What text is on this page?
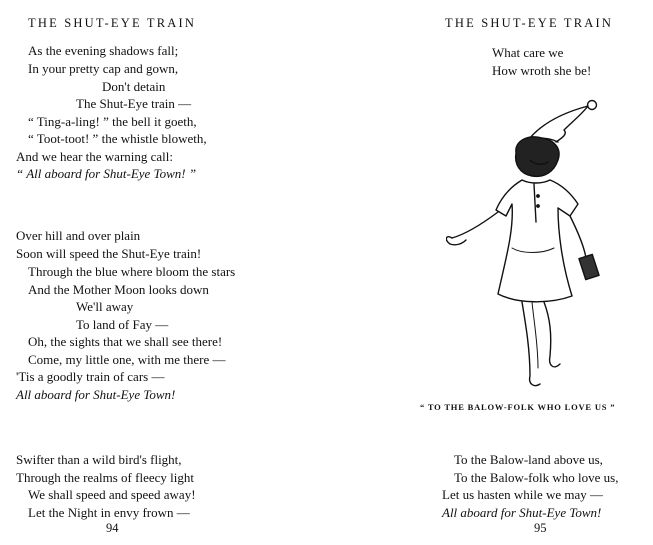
THE SHUT-EYE TRAIN
As the evening shadows fall;
In your pretty cap and gown,
Don't detain
The Shut-Eye train —
“ Ting-a-ling! ” the bell it goeth,
“ Toot-toot! ” the whistle bloweth,
And we hear the warning call:
“ All aboard for Shut-Eye Town! ”
Over hill and over plain
Soon will speed the Shut-Eye train!
Through the blue where bloom the stars
And the Mother Moon looks down
We'll away
To land of Fay —
Oh, the sights that we shall see there!
Come, my little one, with me there —
'Tis a goodly train of cars —
All aboard for Shut-Eye Town!
Swifter than a wild bird's flight,
Through the realms of fleecy light
We shall speed and speed away!
Let the Night in envy frown —
94
THE SHUT-EYE TRAIN
What care we
How wroth she be!
“ TO THE BALOW-FOLK WHO LOVE US ”
To the Balow-land above us,
To the Balow-folk who love us,
Let us hasten while we may —
All aboard for Shut-Eye Town!
95
